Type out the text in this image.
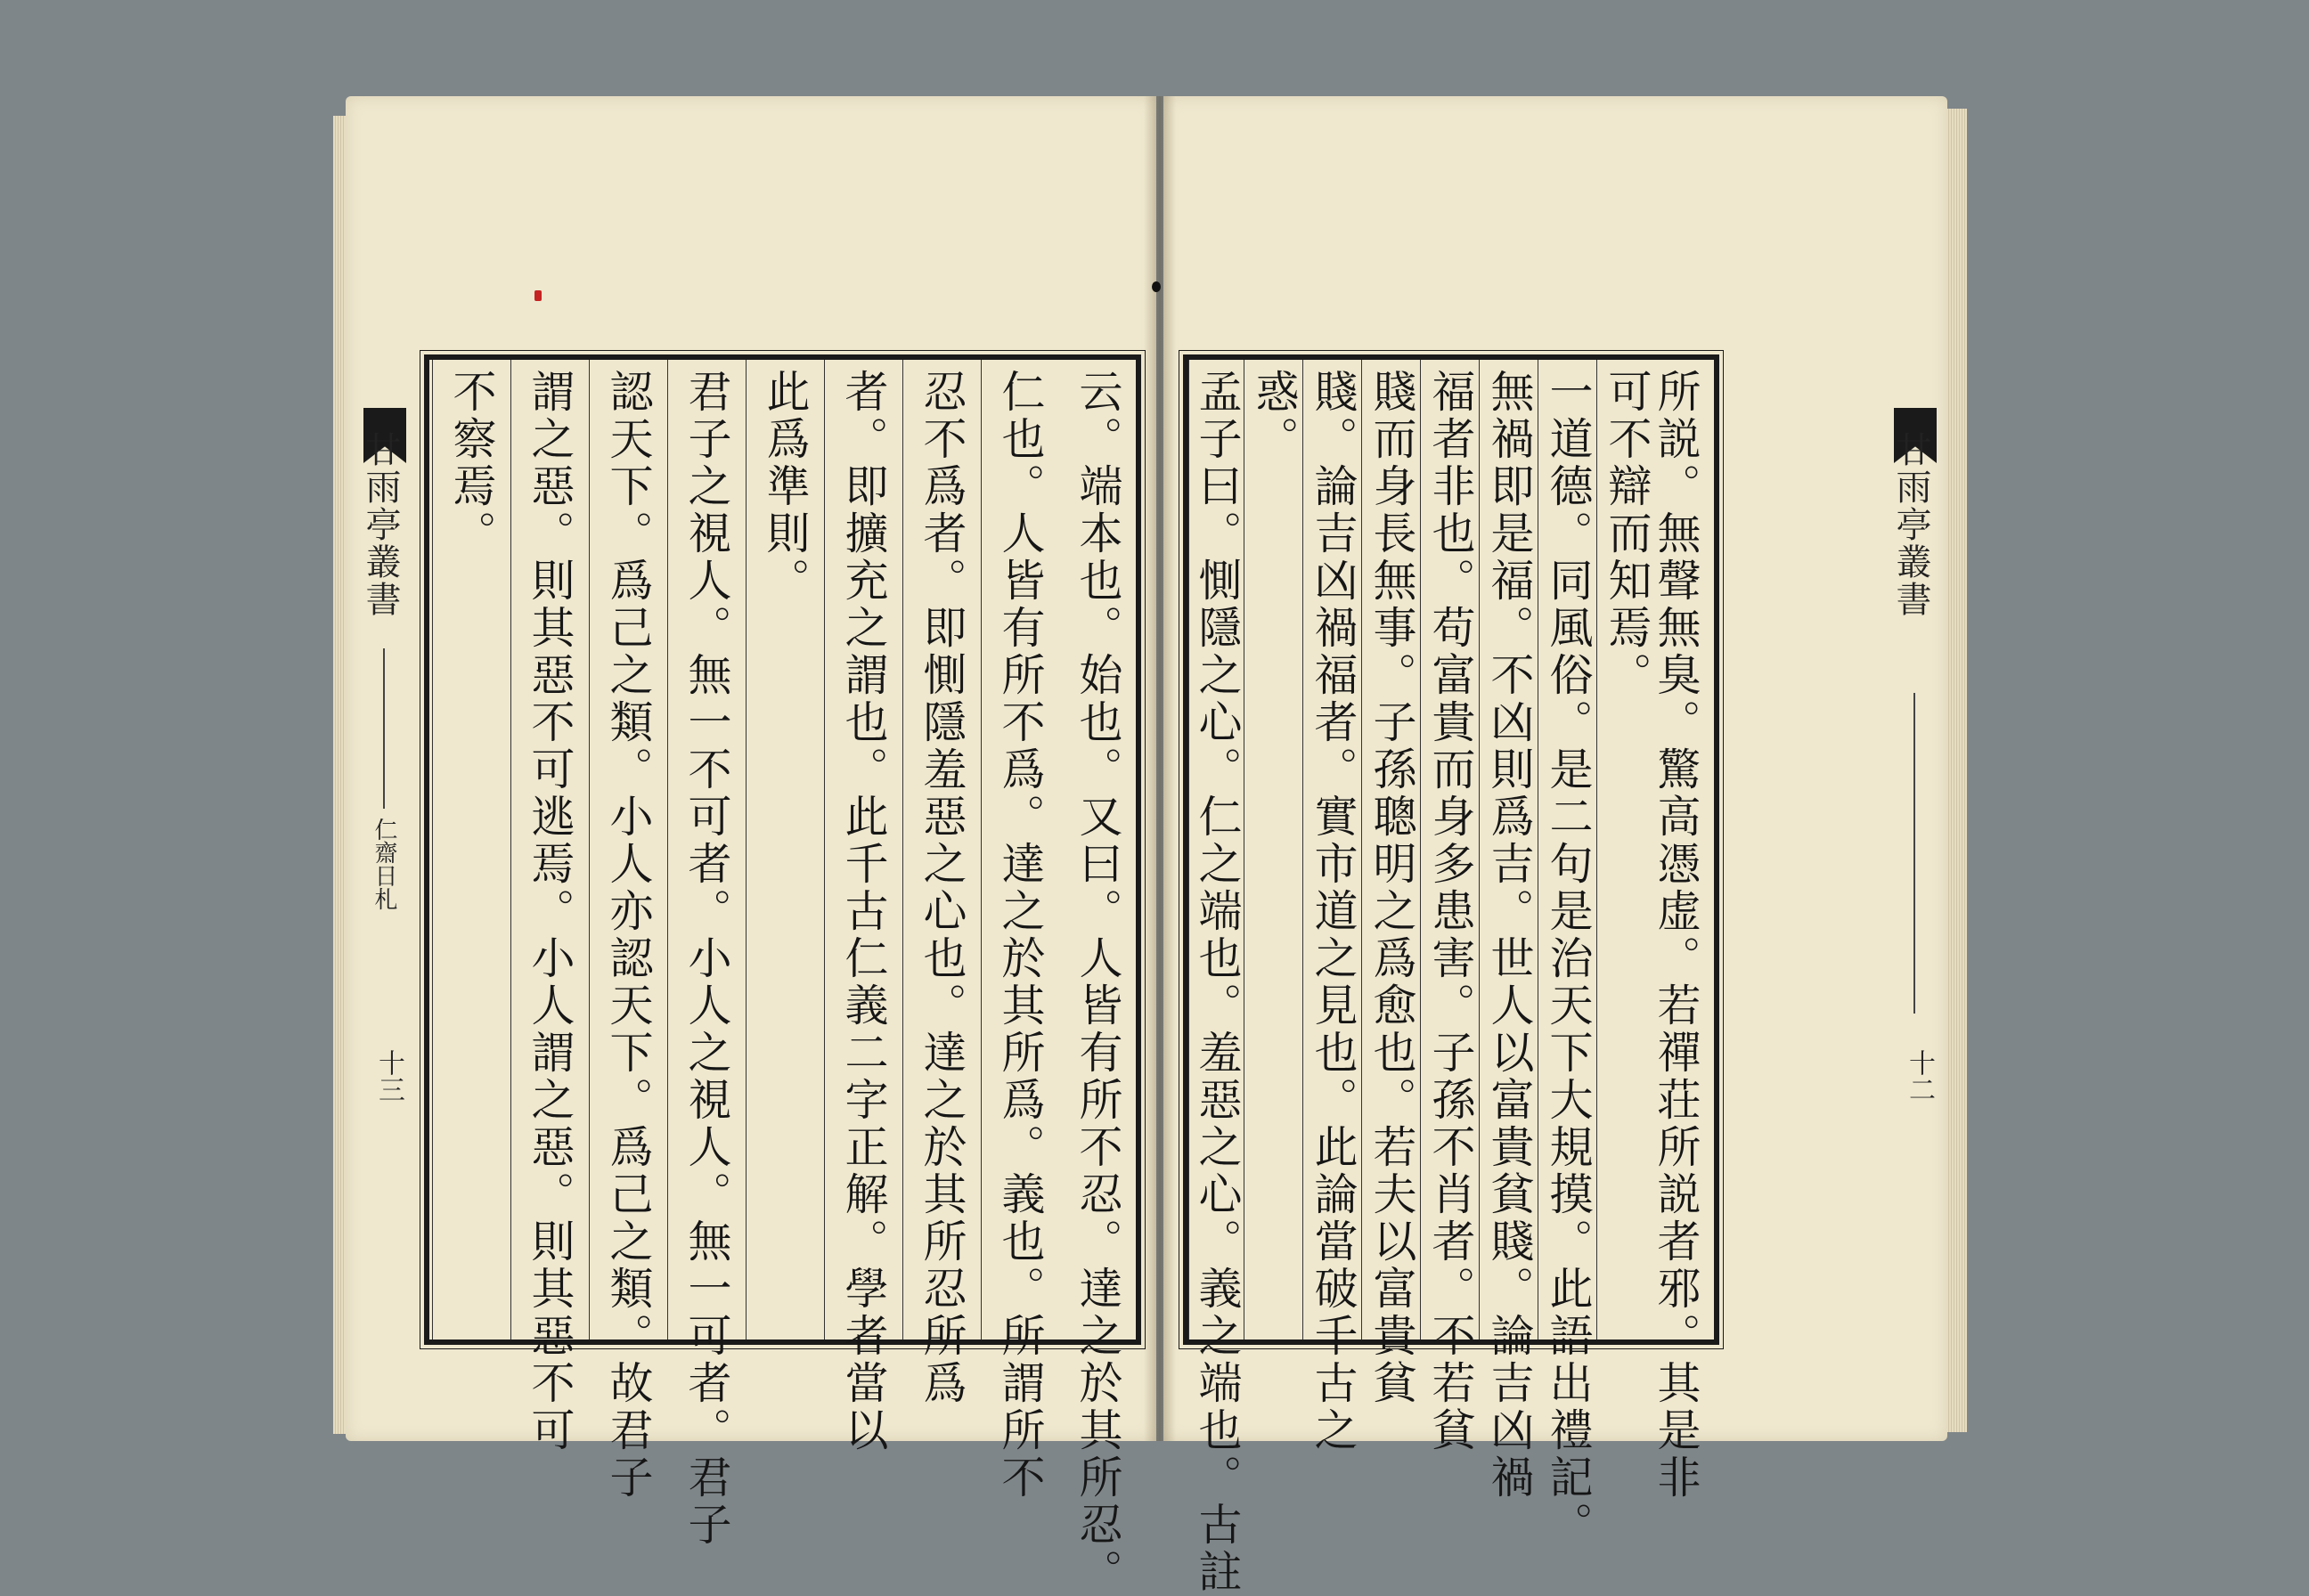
甘雨亭叢書
仁齋日札
十三	云。端本也。始也。又曰。人皆有所不忍。達之於其所忍。
仁也。人皆有所不爲。達之於其所爲。義也。所謂所不
忍不爲者。即惻隱羞惡之心也。達之於其所忍所爲
者。即擴充之謂也。此千古仁義二字正解。學者當以
此爲準則。
君子之視人。無一不可者。小人之視人。無一可者。君子
認天下。爲己之類。小人亦認天下。爲己之類。故君子
謂之惡。則其惡不可逃焉。小人謂之惡。則其惡不可
不察焉。	所説。無聲無臭。驚高憑虚。若禪荘所説者邪。其是非
可不辯而知焉。
一道德。同風俗。是二句是治天下大規摸。此語出禮記。
無禍即是福。不凶則爲吉。世人以富貴貧賤。論吉凶禍
福者非也。苟富貴而身多患害。子孫不肖者。不若貧
賤而身長無事。子孫聰明之爲愈也。若夫以富貴貧
賤。論吉凶禍福者。實市道之見也。此論當破千古之
惑。
孟子曰。惻隱之心。仁之端也。羞惡之心。義之端也。古註	甘雨亭叢書
十二
